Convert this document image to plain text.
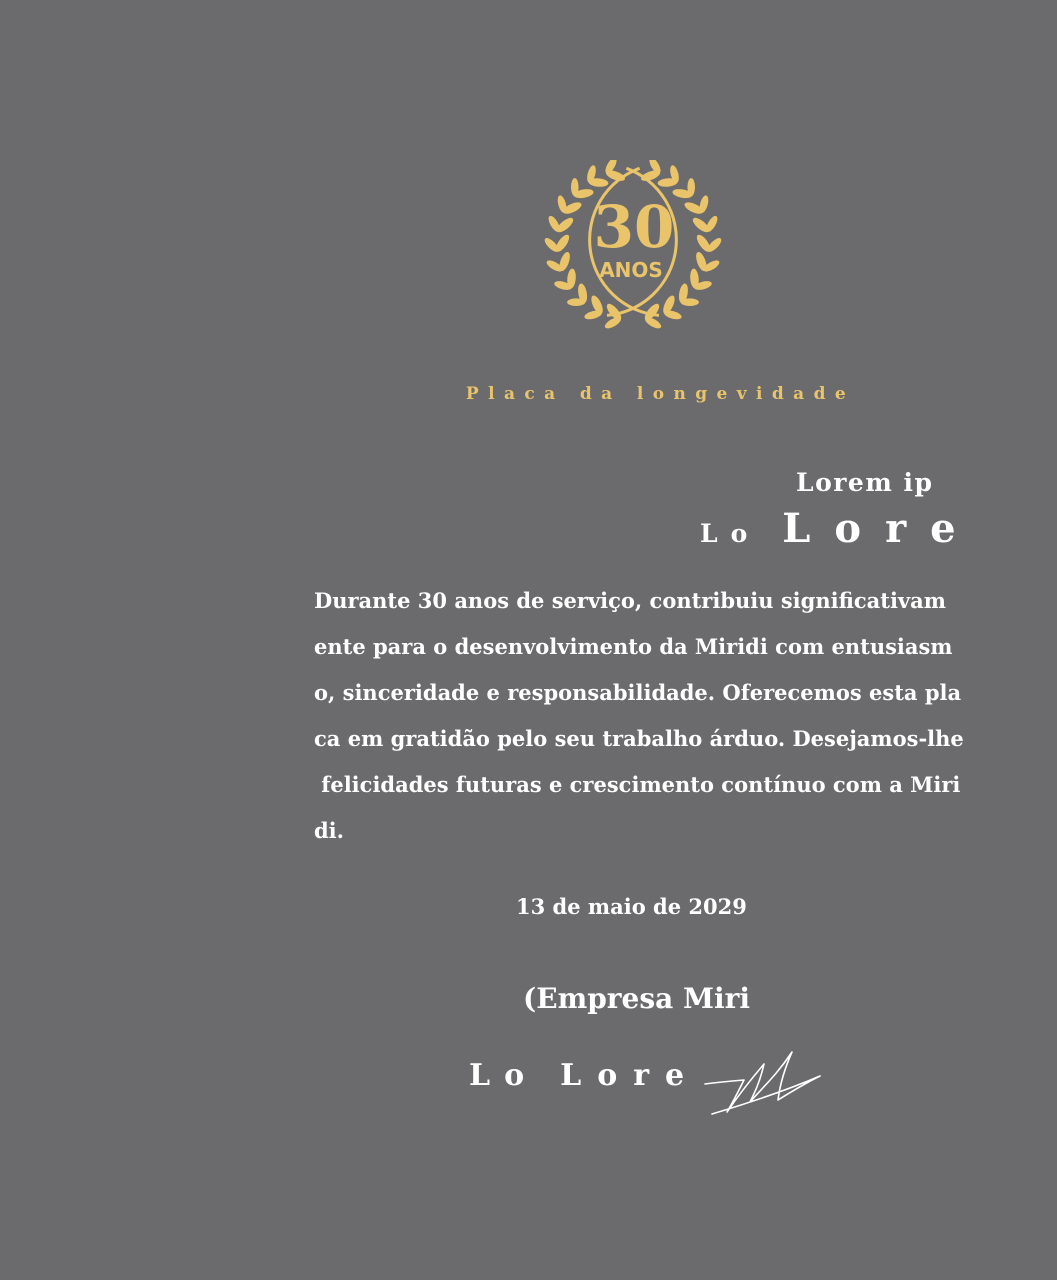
30
ANOS
Placa da longevidade
Lorem ip
Lo Lore
Durante 30 anos de serviço, contribuiu significativam
ente para o desenvolvimento da Miridi com entusiasm
o, sinceridade e responsabilidade. Oferecemos esta pla
ca em gratidão pelo seu trabalho árduo. Desejamos-lhe
felicidades futuras e crescimento contínuo com a Miri
di.
13 de maio de 2029
(Empresa Miri
Lo Lore
